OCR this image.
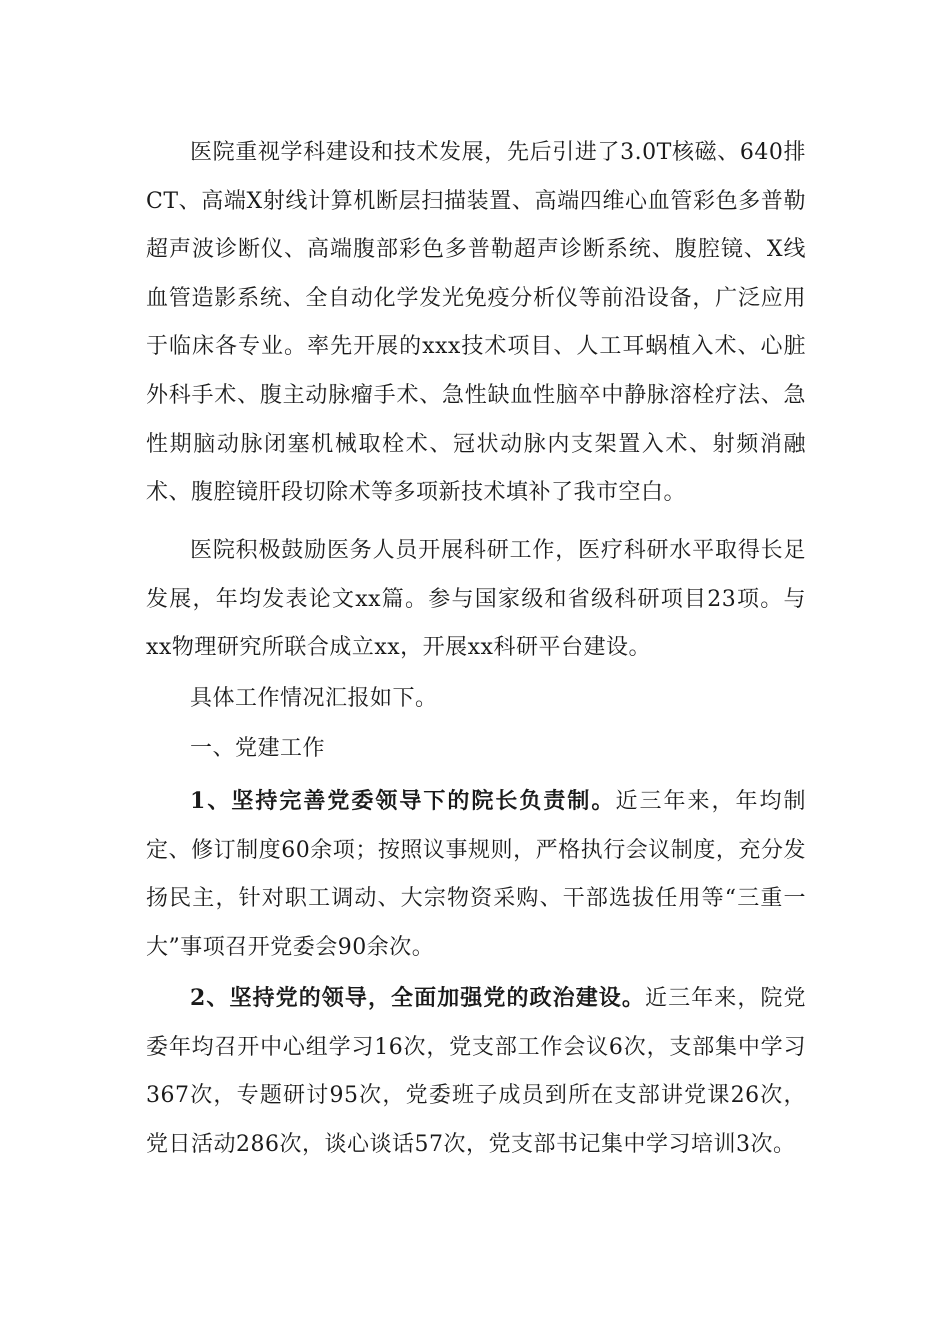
医院重视学科建设和技术发展，先后引进了3.0T核磁、640排CT、高端X射线计算机断层扫描装置、高端四维心血管彩色多普勒超声波诊断仪、高端腹部彩色多普勒超声诊断系统、腹腔镜、X线血管造影系统、全自动化学发光免疫分析仪等前沿设备，广泛应用于临床各专业。率先开展的xxx技术项目、人工耳蜗植入术、心脏外科手术、腹主动脉瘤手术、急性缺血性脑卒中静脉溶栓疗法、急性期脑动脉闭塞机械取栓术、冠状动脉内支架置入术、射频消融术、腹腔镜肝段切除术等多项新技术填补了我市空白。

医院积极鼓励医务人员开展科研工作，医疗科研水平取得长足发展，年均发表论文xx篇。参与国家级和省级科研项目23项。与xx物理研究所联合成立xx，开展xx科研平台建设。

具体工作情况汇报如下。

一、党建工作

1、坚持完善党委领导下的院长负责制。近三年来，年均制定、修订制度60余项；按照议事规则，严格执行会议制度，充分发扬民主，针对职工调动、大宗物资采购、干部选拔任用等“三重一大”事项召开党委会90余次。

2、坚持党的领导，全面加强党的政治建设。近三年来，院党委年均召开中心组学习16次，党支部工作会议6次，支部集中学习367次，专题研讨95次，党委班子成员到所在支部讲党课26次，党日活动286次，谈心谈话57次，党支部书记集中学习培训3次。
